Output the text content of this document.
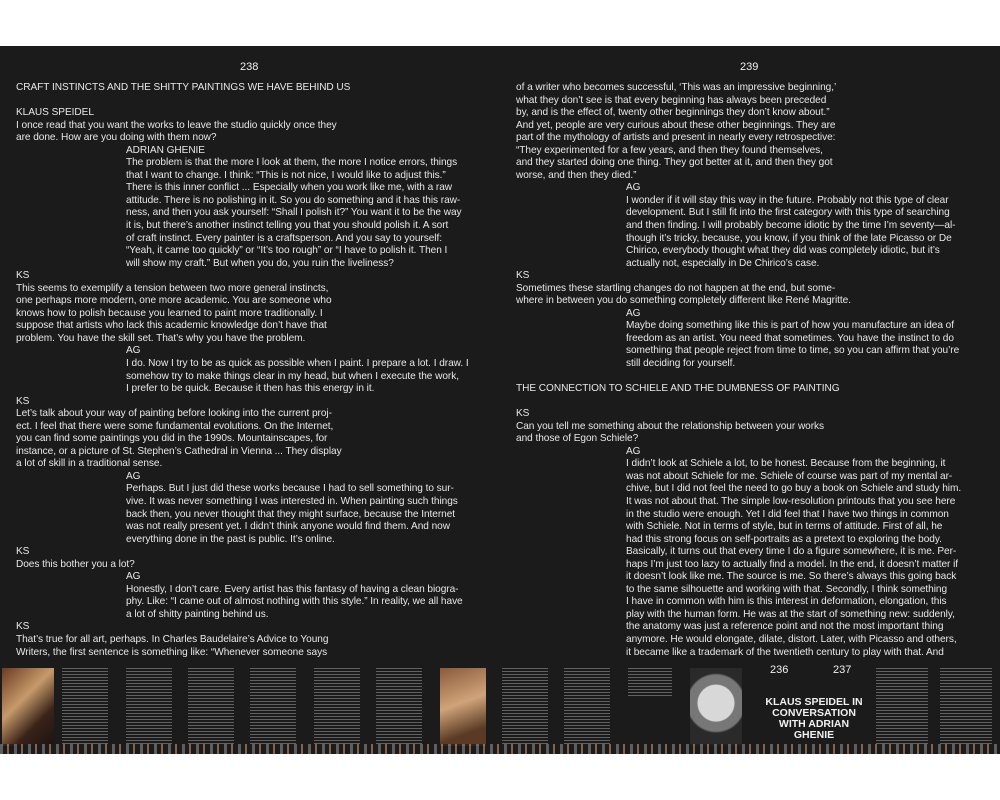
238	239

CRAFT INSTINCTS AND THE SHITTY PAINTINGS WE HAVE BEHIND US

KLAUS SPEIDEL

I once read that you want the works to leave the studio quickly once they

are done. How are you doing with them now?

ADRIAN GHENIE

The problem is that the more I look at them, the more I notice errors, things

that I want to change. I think: “This is not nice, I would like to adjust this.”

There is this inner conflict ... Especially when you work like me, with a raw

attitude. There is no polishing in it. So you do something and it has this raw-

ness, and then you ask yourself: “Shall I polish it?” You want it to be the way

it is, but there’s another instinct telling you that you should polish it. A sort

of craft instinct. Every painter is a craftsperson. And you say to yourself:

“Yeah, it came too quickly” or “It’s too rough” or “I have to polish it. Then I

will show my craft.” But when you do, you ruin the liveliness?

KS

This seems to exemplify a tension between two more general instincts,

one perhaps more modern, one more academic. You are someone who

knows how to polish because you learned to paint more traditionally. I

suppose that artists who lack this academic knowledge don’t have that

problem. You have the skill set. That’s why you have the problem.

AG

I do. Now I try to be as quick as possible when I paint. I prepare a lot. I draw. I

somehow try to make things clear in my head, but when I execute the work,

I prefer to be quick. Because it then has this energy in it.

KS

Let’s talk about your way of painting before looking into the current proj-

ect. I feel that there were some fundamental evolutions. On the Internet,

you can find some paintings you did in the 1990s. Mountainscapes, for

instance, or a picture of St. Stephen’s Cathedral in Vienna ... They display

a lot of skill in a traditional sense.

AG

Perhaps. But I just did these works because I had to sell something to sur-

vive. It was never something I was interested in. When painting such things

back then, you never thought that they might surface, because the Internet

was not really present yet. I didn’t think anyone would find them. And now

everything done in the past is public. It’s online.

KS

Does this bother you a lot?

AG

Honestly, I don’t care. Every artist has this fantasy of having a clean biogra-

phy. Like: “I came out of almost nothing with this style.” In reality, we all have

a lot of shitty painting behind us.

KS

That’s true for all art, perhaps. In Charles Baudelaire’s Advice to Young

Writers, the first sentence is something like: “Whenever someone says

of a writer who becomes successful, ‘This was an impressive beginning,’

what they don’t see is that every beginning has always been preceded

by, and is the effect of, twenty other beginnings they don’t know about.”

And yet, people are very curious about these other beginnings. They are

part of the mythology of artists and present in nearly every retrospective:

“They experimented for a few years, and then they found themselves,

and they started doing one thing. They got better at it, and then they got

worse, and then they died.”

AG

I wonder if it will stay this way in the future. Probably not this type of clear

development. But I still fit into the first category with this type of searching

and then finding. I will probably become idiotic by the time I’m seventy—al-

though it’s tricky, because, you know, if you think of the late Picasso or De

Chirico, everybody thought what they did was completely idiotic, but it’s

actually not, especially in De Chirico’s case.

KS

Sometimes these startling changes do not happen at the end, but some-

where in between you do something completely different like René Magritte.

AG

Maybe doing something like this is part of how you manufacture an idea of

freedom as an artist. You need that sometimes. You have the instinct to do

something that people reject from time to time, so you can affirm that you’re

still deciding for yourself.

THE CONNECTION TO SCHIELE AND THE DUMBNESS OF PAINTING

KS

Can you tell me something about the relationship between your works

and those of Egon Schiele?

AG

I didn’t look at Schiele a lot, to be honest. Because from the beginning, it

was not about Schiele for me. Schiele of course was part of my mental ar-

chive, but I did not feel the need to go buy a book on Schiele and study him.

It was not about that. The simple low-resolution printouts that you see here

in the studio were enough. Yet I did feel that I have two things in common

with Schiele. Not in terms of style, but in terms of attitude. First of all, he

had this strong focus on self-portraits as a pretext to exploring the body.

Basically, it turns out that every time I do a figure somewhere, it is me. Per-

haps I’m just too lazy to actually find a model. In the end, it doesn’t matter if

it doesn’t look like me. The source is me. So there’s always this going back

to the same silhouette and working with that. Secondly, I think something

I have in common with him is this interest in deformation, elongation, this

play with the human form. He was at the start of something new: suddenly,

the anatomy was just a reference point and not the most important thing

anymore. He would elongate, dilate, distort. Later, with Picasso and others,

it became like a trademark of the twentieth century to play with that. And

236	237
KLAUS SPEIDEL IN CONVERSATION WITH ADRIAN GHENIE
